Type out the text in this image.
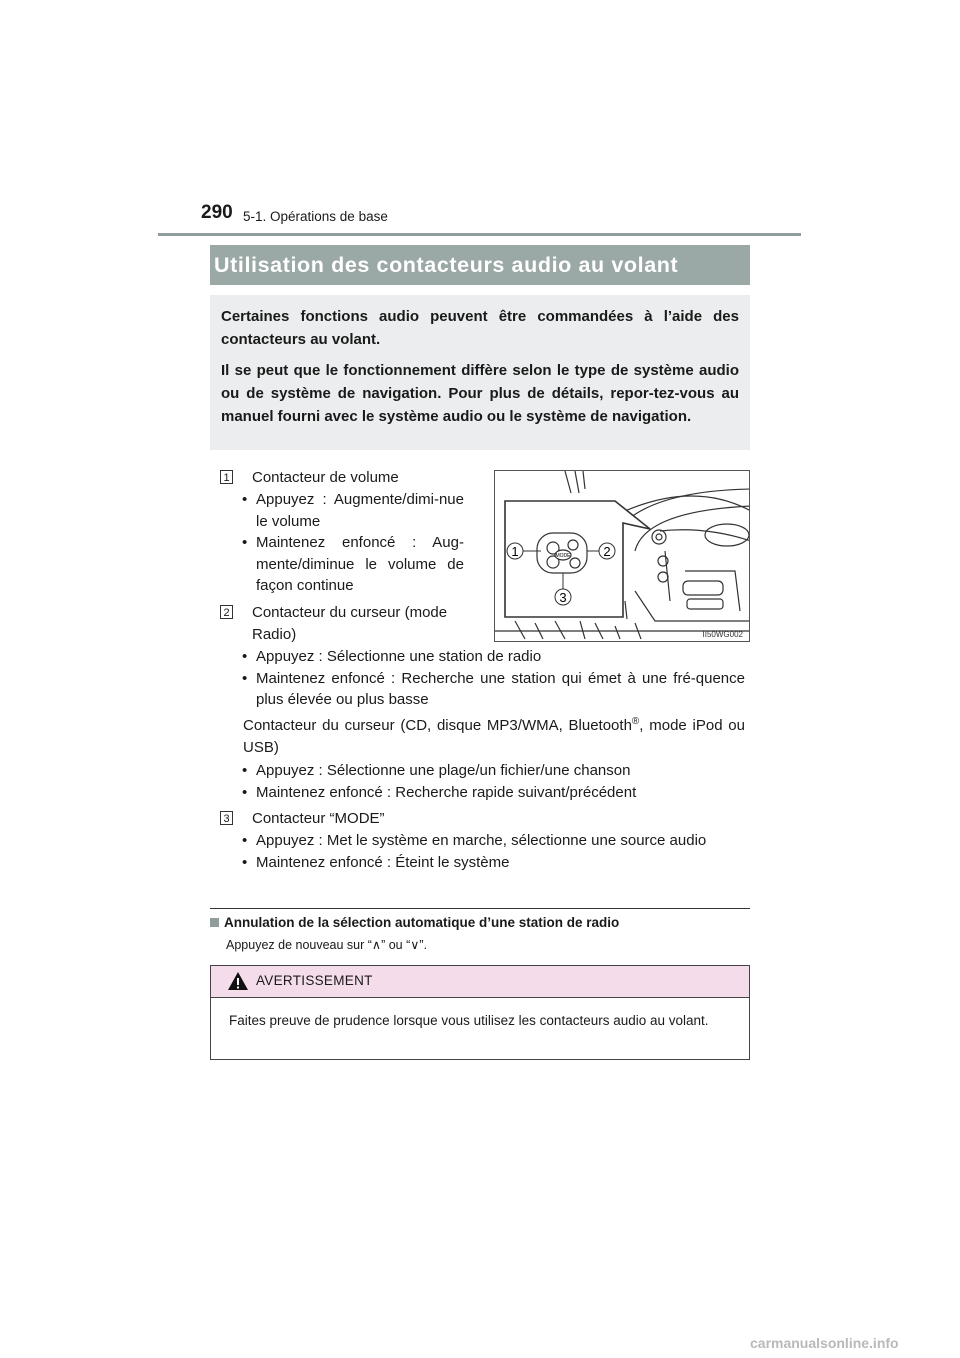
290 5-1. Opérations de base
Utilisation des contacteurs audio au volant

Certaines fonctions audio peuvent être commandées à l’aide des contacteurs au volant.

Il se peut que le fonctionnement diffère selon le type de système audio ou de système de navigation. Pour plus de détails, repor-tez-vous au manuel fourni avec le système audio ou le système de navigation.

1 Contacteur de volume
• Appuyez : Augmente/dimi-nue le volume
• Maintenez enfoncé : Aug-mente/diminue le volume de façon continue
2 Contacteur du curseur (mode
Radio)
• Appuyez : Sélectionne une station de radio
• Maintenez enfoncé : Recherche une station qui émet à une fré-quence plus élevée ou plus basse
Contacteur du curseur (CD, disque MP3/WMA, Bluetooth®, mode iPod ou USB)
• Appuyez : Sélectionne une plage/un fichier/une chanson
• Maintenez enfoncé : Recherche rapide suivant/précédent
3 Contacteur “MODE”
• Appuyez : Met le système en marche, sélectionne une source audio
• Maintenez enfoncé : Éteint le système
MODE
1	2
3
II50WG002
Annulation de la sélection automatique d’une station de radio
Appuyez de nouveau sur “∧” ou “∨”.
AVERTISSEMENT
Faites preuve de prudence lorsque vous utilisez les contacteurs audio au volant.
carmanualsonline.info
